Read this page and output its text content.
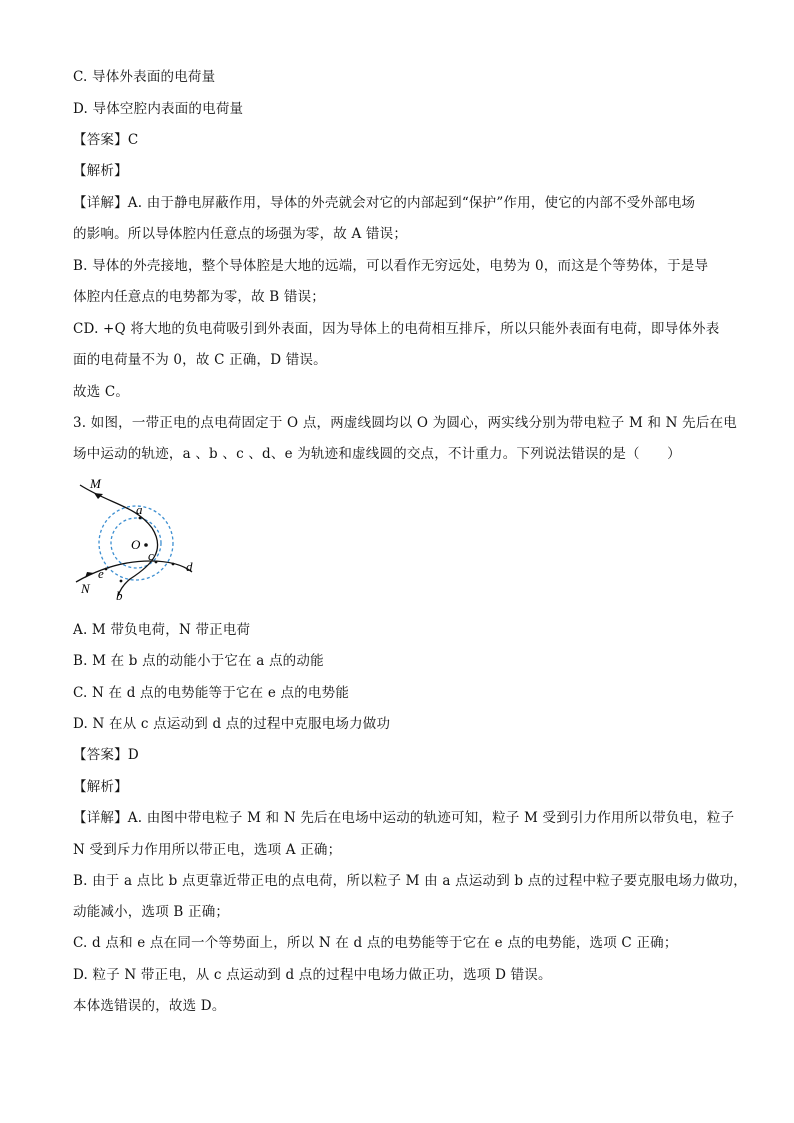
C. 导体外表面的电荷量
D. 导体空腔内表面的电荷量
【答案】C
【解析】
【详解】A. 由于静电屏蔽作用，导体的外壳就会对它的内部起到“保护”作用，使它的内部不受外部电场
的影响。所以导体腔内任意点的场强为零，故 A 错误；
B. 导体的外壳接地，整个导体腔是大地的远端，可以看作无穷远处，电势为 0，而这是个等势体，于是导
体腔内任意点的电势都为零，故 B 错误；
CD. +Q 将大地的负电荷吸引到外表面，因为导体上的电荷相互排斥，所以只能外表面有电荷，即导体外表
面的电荷量不为 0，故 C 正确，D 错误。
故选 C。
3. 如图，一带正电的点电荷固定于 O 点，两虚线圆均以 O 为圆心，两实线分别为带电粒子 M 和 N 先后在电
场中运动的轨迹，a 、b 、c 、d、e 为轨迹和虚线圆的交点，不计重力。下列说法错误的是（　　）
M
a
O
c
d
e
N b
A. M 带负电荷，N 带正电荷
B. M 在 b 点的动能小于它在 a 点的动能
C. N 在 d 点的电势能等于它在 e 点的电势能
D. N 在从 c 点运动到 d 点的过程中克服电场力做功
【答案】D
【解析】
【详解】A. 由图中带电粒子 M 和 N 先后在电场中运动的轨迹可知，粒子 M 受到引力作用所以带负电，粒子
N 受到斥力作用所以带正电，选项 A 正确；
B. 由于 a 点比 b 点更靠近带正电的点电荷，所以粒子 M 由 a 点运动到 b 点的过程中粒子要克服电场力做功，
动能减小，选项 B 正确；
C. d 点和 e 点在同一个等势面上，所以 N 在 d 点的电势能等于它在 e 点的电势能，选项 C 正确；
D. 粒子 N 带正电，从 c 点运动到 d 点的过程中电场力做正功，选项 D 错误。
本体选错误的，故选 D。
